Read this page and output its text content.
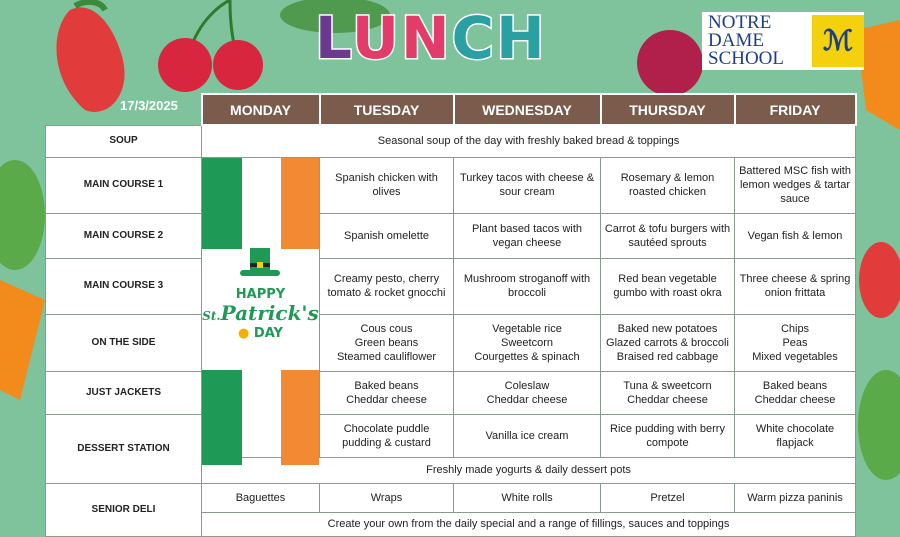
LUNCH	NOTRE
DAME
SCHOOL
ℳ
	MONDAY	TUESDAY	WEDNESDAY	THURSDAY	FRIDAY
SOUP	Seasonal soup of the day with freshly baked bread & toppings				
MAIN COURSE 1	HAPPY
St.Patrick's
● DAY	Spanish chicken with olives	Turkey tacos with cheese & sour cream	Rosemary & lemon roasted chicken	Battered MSC fish with lemon wedges & tartar sauce
MAIN COURSE 2		Spanish omelette	Plant based tacos with vegan cheese	Carrot & tofu burgers with sautéed sprouts	Vegan fish & lemon
MAIN COURSE 3		Creamy pesto, cherry tomato & rocket gnocchi	Mushroom stroganoff with broccoli	Red bean vegetable gumbo with roast okra	Three cheese & spring onion frittata
ON THE SIDE		Cous cous
Green beans
Steamed cauliflower	Vegetable rice
Sweetcorn
Courgettes & spinach	Baked new potatoes
Glazed carrots & broccoli
Braised red cabbage	Chips
Peas
Mixed vegetables
JUST JACKETS		Baked beans
Cheddar cheese	Coleslaw
Cheddar cheese	Tuna & sweetcorn
Cheddar cheese	Baked beans
Cheddar cheese
DESSERT STATION		Chocolate puddle pudding & custard	Vanilla ice cream	Rice pudding with berry compote	White chocolate flapjack
	Freshly made yogurts & daily dessert pots				
SENIOR DELI	Baguettes	Wraps	White rolls	Pretzel	Warm pizza paninis
	Create your own from the daily special and a range of fillings, sauces and toppings				
17/3/2025
